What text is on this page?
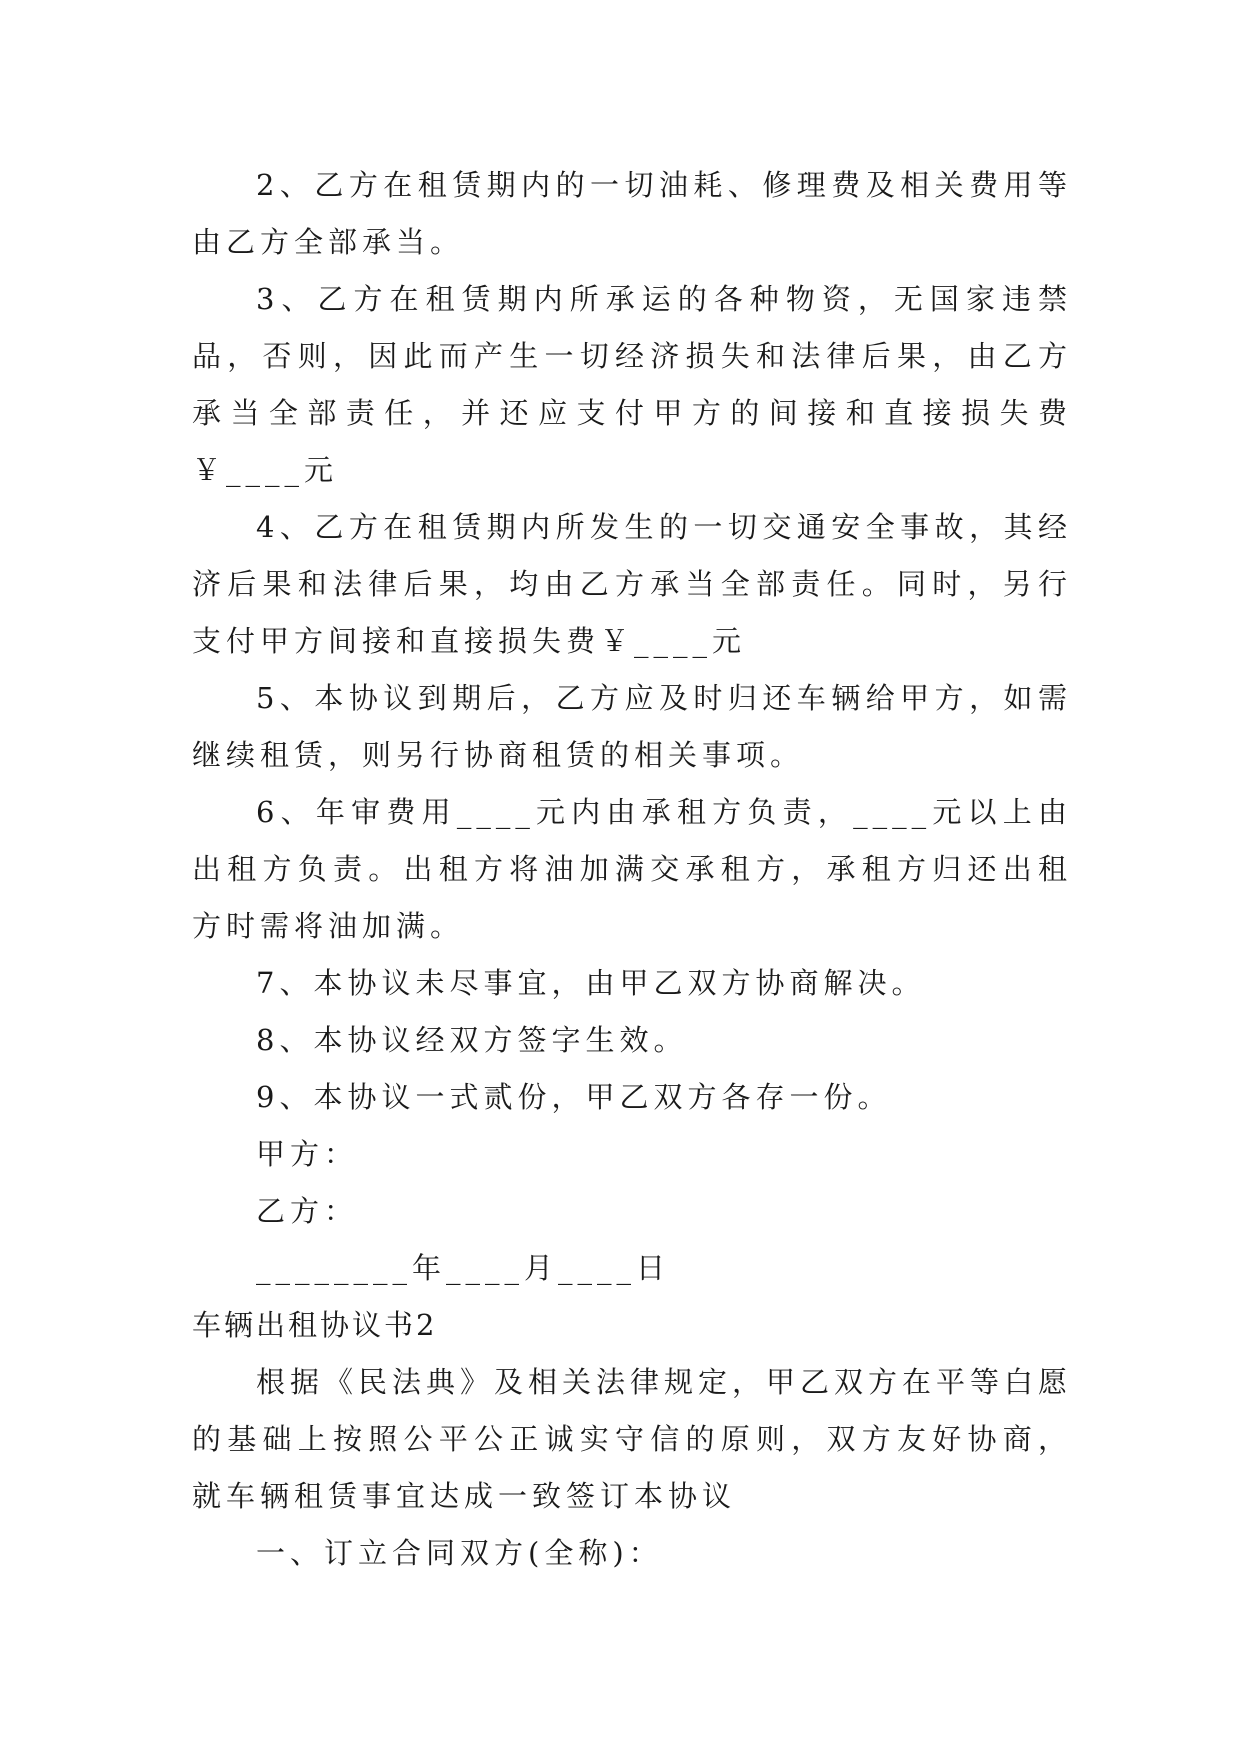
2、乙方在租赁期内的一切油耗、修理费及相关费用等由乙方全部承当。

3、乙方在租赁期内所承运的各种物资，无国家违禁品，否则，因此而产生一切经济损失和法律后果，由乙方承当全部责任，并还应支付甲方的间接和直接损失费￥____元

4、乙方在租赁期内所发生的一切交通安全事故，其经济后果和法律后果，均由乙方承当全部责任。同时，另行支付甲方间接和直接损失费￥____元

5、本协议到期后，乙方应及时归还车辆给甲方，如需继续租赁，则另行协商租赁的相关事项。

6、年审费用____元内由承租方负责，____元以上由出租方负责。出租方将油加满交承租方，承租方归还出租方时需将油加满。

7、本协议未尽事宜，由甲乙双方协商解决。

8、本协议经双方签字生效。

9、本协议一式贰份，甲乙双方各存一份。

甲方：

乙方：

________年____月____日

车辆出租协议书2

根据《民法典》及相关法律规定，甲乙双方在平等白愿的基础上按照公平公正诚实守信的原则，双方友好协商，就车辆租赁事宜达成一致签订本协议

一、订立合同双方(全称)：
